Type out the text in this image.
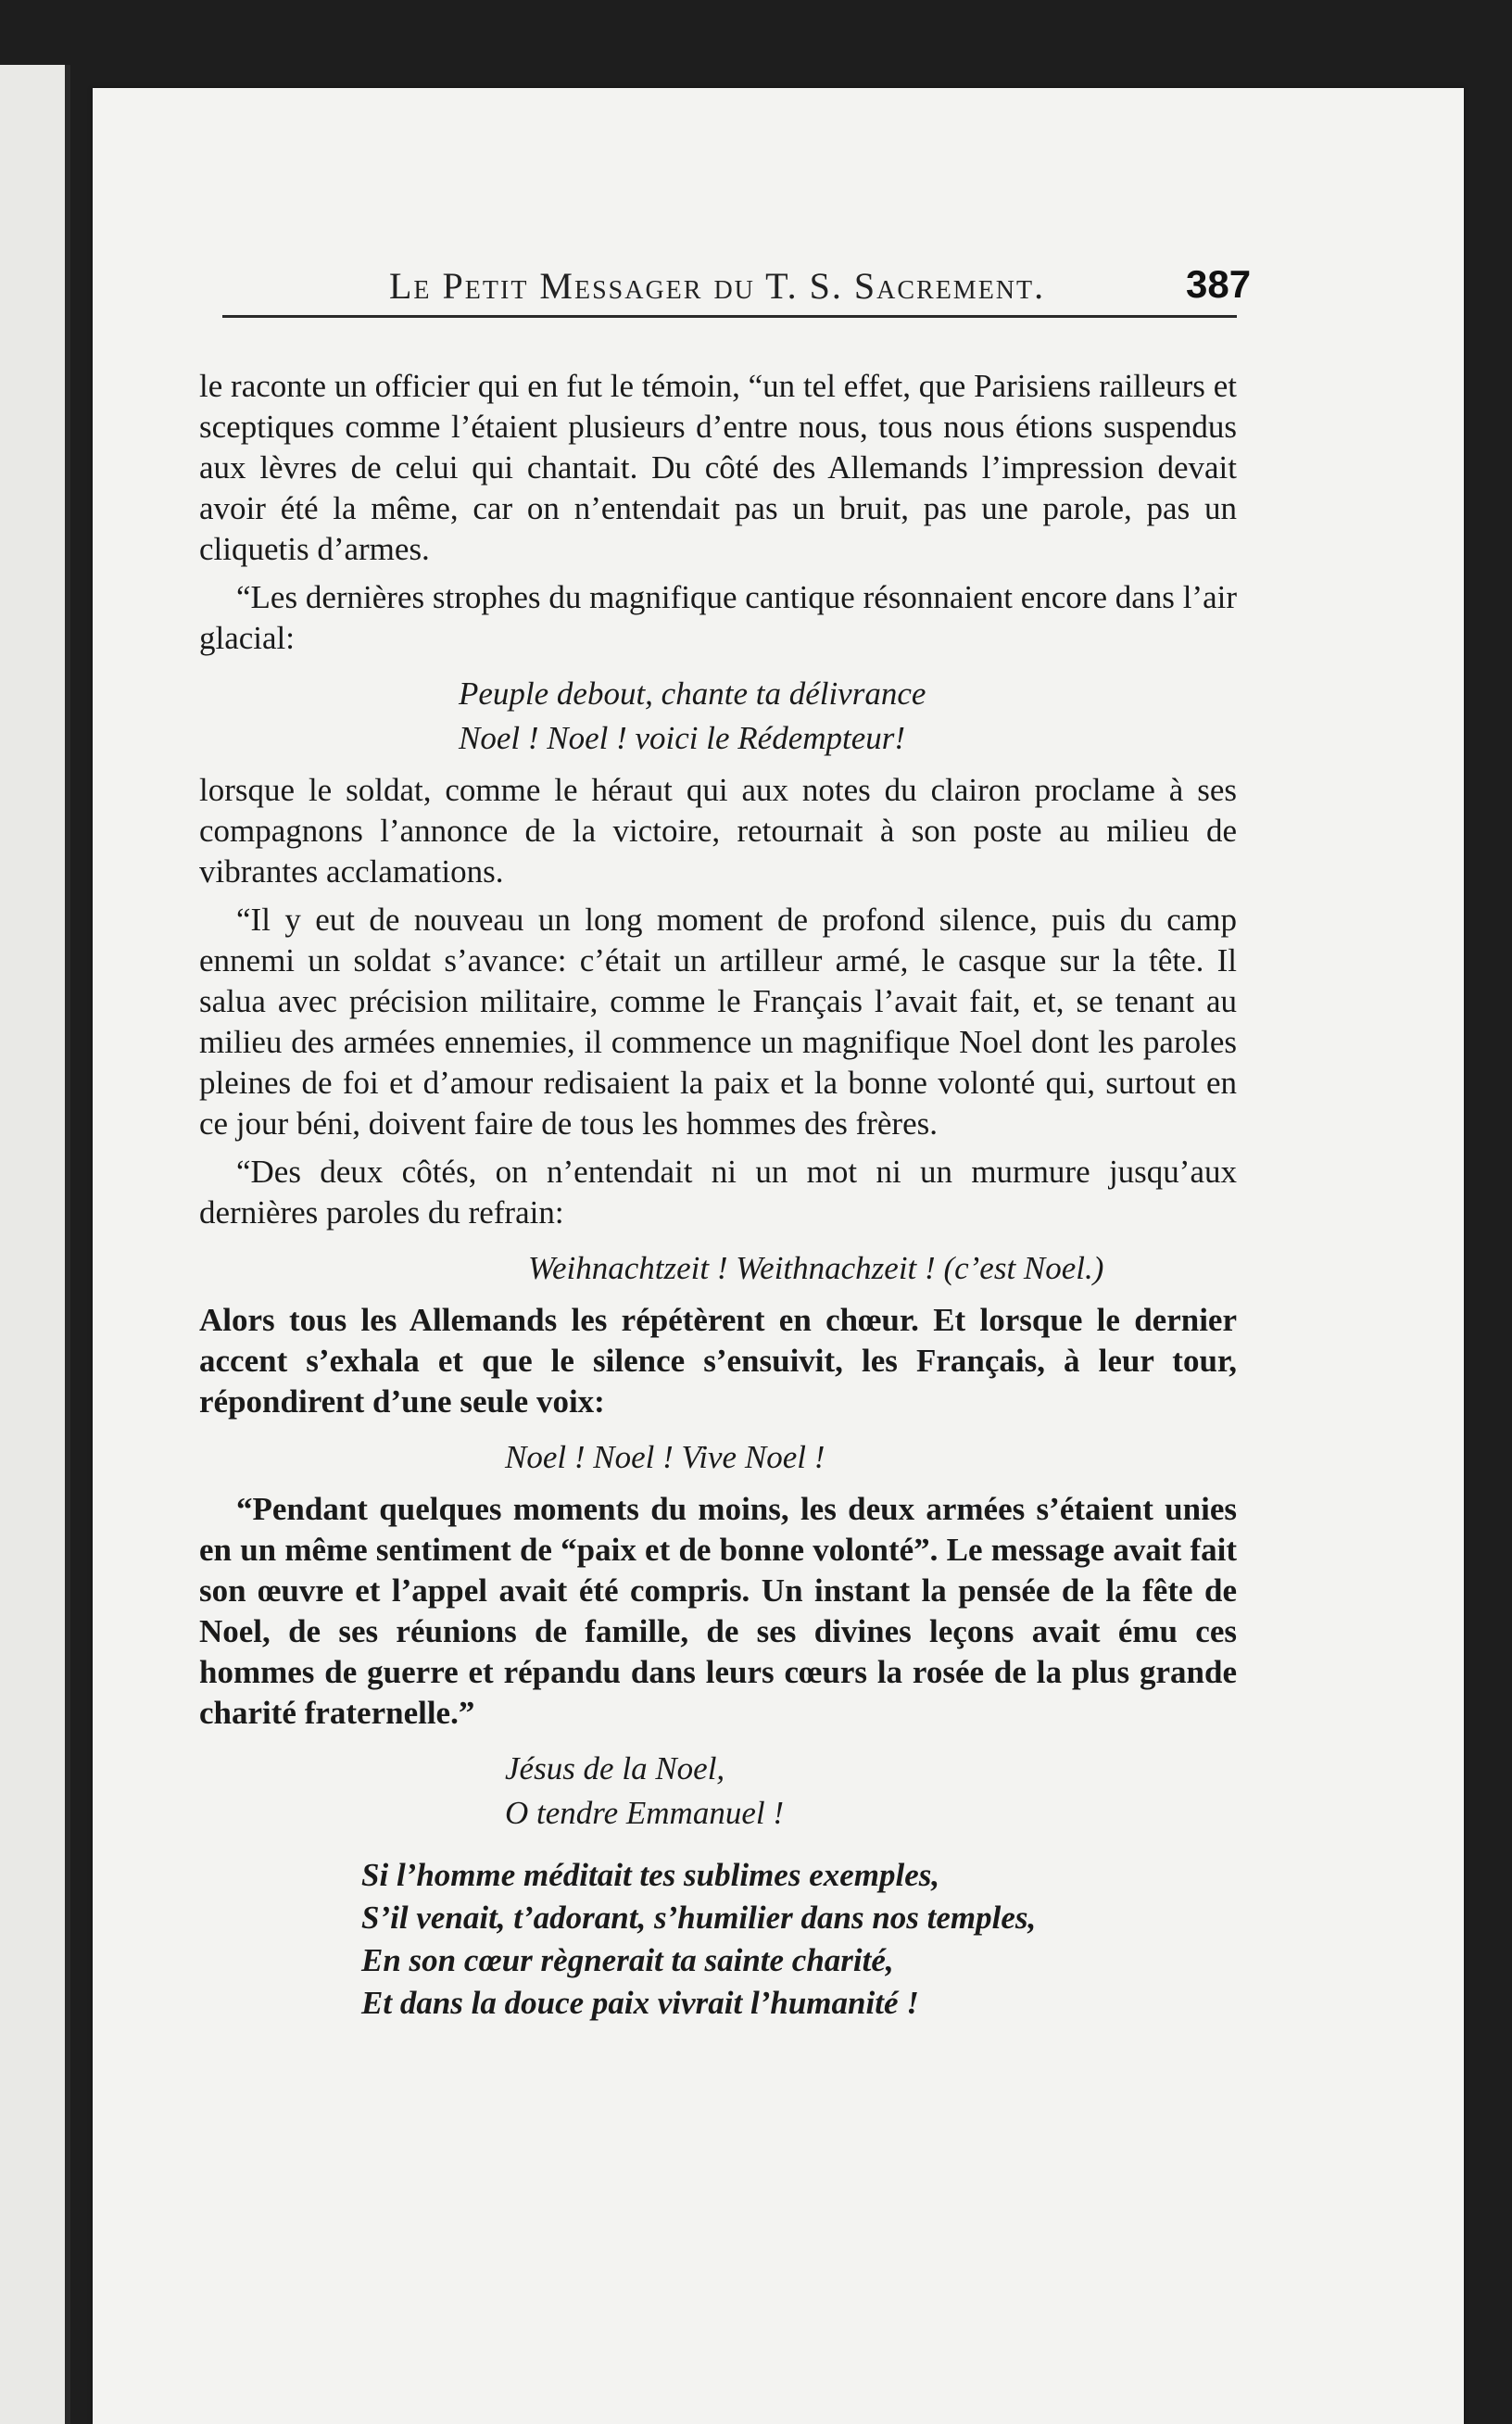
Le Petit Messager du T. S. Sacrement.	387

le raconte un officier qui en fut le témoin, “un tel effet, que Parisiens railleurs et sceptiques comme l’étaient plusieurs d’entre nous, tous nous étions suspendus aux lèvres de celui qui chantait. Du côté des Allemands l’impression devait avoir été la même, car on n’entendait pas un bruit, pas une parole, pas un cliquetis d’armes.

“Les dernières strophes du magnifique cantique résonnaient encore dans l’air glacial:

Peuple debout, chante ta délivrance
Noel ! Noel ! voici le Rédempteur!

lorsque le soldat, comme le héraut qui aux notes du clairon proclame à ses compagnons l’annonce de la victoire, retournait à son poste au milieu de vibrantes acclamations.

“Il y eut de nouveau un long moment de profond silence, puis du camp ennemi un soldat s’avance: c’était un artilleur armé, le casque sur la tête. Il salua avec précision militaire, comme le Français l’avait fait, et, se tenant au milieu des armées ennemies, il commence un magnifique Noel dont les paroles pleines de foi et d’amour redisaient la paix et la bonne volonté qui, surtout en ce jour béni, doivent faire de tous les hommes des frères.

“Des deux côtés, on n’entendait ni un mot ni un murmure jusqu’aux dernières paroles du refrain:

Weihnachtzeit ! Weithnachzeit ! (c’est Noel.)

Alors tous les Allemands les répétèrent en chœur. Et lorsque le dernier accent s’exhala et que le silence s’ensuivit, les Français, à leur tour, répondirent d’une seule voix:

Noel ! Noel ! Vive Noel !

“Pendant quelques moments du moins, les deux armées s’étaient unies en un même sentiment de “paix et de bonne volonté”. Le message avait fait son œuvre et l’appel avait été compris. Un instant la pensée de la fête de Noel, de ses réunions de famille, de ses divines leçons avait ému ces hommes de guerre et répandu dans leurs cœurs la rosée de la plus grande charité fraternelle.”

Jésus de la Noel,
O tendre Emmanuel !
Si l’homme méditait tes sublimes exemples,
S’il venait, t’adorant, s’humilier dans nos temples,
En son cœur règnerait ta sainte charité,
Et dans la douce paix vivrait l’humanité !
